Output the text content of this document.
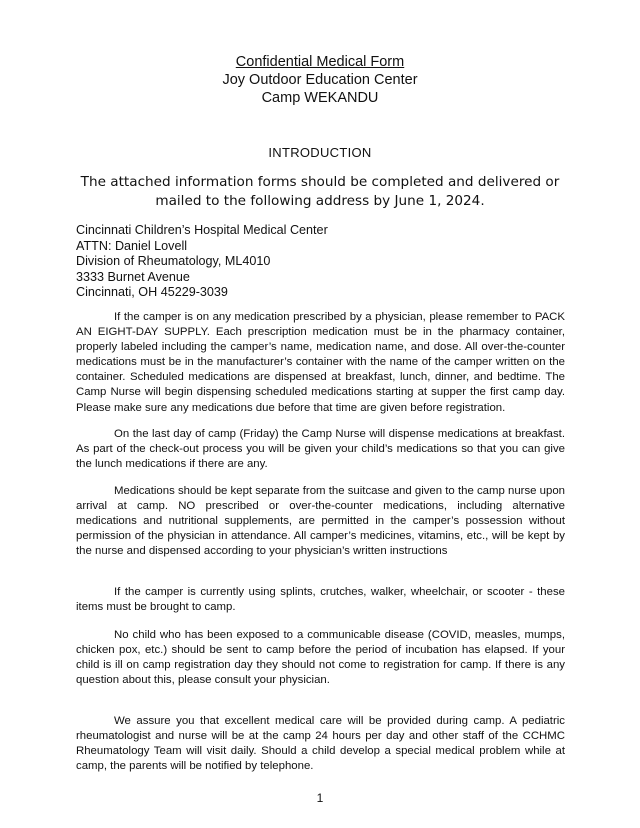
Confidential Medical Form
Joy Outdoor Education Center
Camp WEKANDU
INTRODUCTION
The attached information forms should be completed and delivered or mailed to the following address by June 1, 2024.
Cincinnati Children’s Hospital Medical Center
ATTN: Daniel Lovell
Division of Rheumatology, ML4010
3333 Burnet Avenue
Cincinnati, OH 45229-3039
If the camper is on any medication prescribed by a physician, please remember to PACK AN EIGHT-DAY SUPPLY. Each prescription medication must be in the pharmacy container, properly labeled including the camper’s name, medication name, and dose. All over-the-counter medications must be in the manufacturer’s container with the name of the camper written on the container. Scheduled medications are dispensed at breakfast, lunch, dinner, and bedtime. The Camp Nurse will begin dispensing scheduled medications starting at supper the first camp day. Please make sure any medications due before that time are given before registration.
On the last day of camp (Friday) the Camp Nurse will dispense medications at breakfast. As part of the check-out process you will be given your child’s medications so that you can give the lunch medications if there are any.
Medications should be kept separate from the suitcase and given to the camp nurse upon arrival at camp. NO prescribed or over-the-counter medications, including alternative medications and nutritional supplements, are permitted in the camper’s possession without permission of the physician in attendance. All camper’s medicines, vitamins, etc., will be kept by the nurse and dispensed according to your physician’s written instructions
If the camper is currently using splints, crutches, walker, wheelchair, or scooter - these items must be brought to camp.
No child who has been exposed to a communicable disease (COVID, measles, mumps, chicken pox, etc.) should be sent to camp before the period of incubation has elapsed. If your child is ill on camp registration day they should not come to registration for camp. If there is any question about this, please consult your physician.
We assure you that excellent medical care will be provided during camp. A pediatric rheumatologist and nurse will be at the camp 24 hours per day and other staff of the CCHMC Rheumatology Team will visit daily. Should a child develop a special medical problem while at camp, the parents will be notified by telephone.
1
